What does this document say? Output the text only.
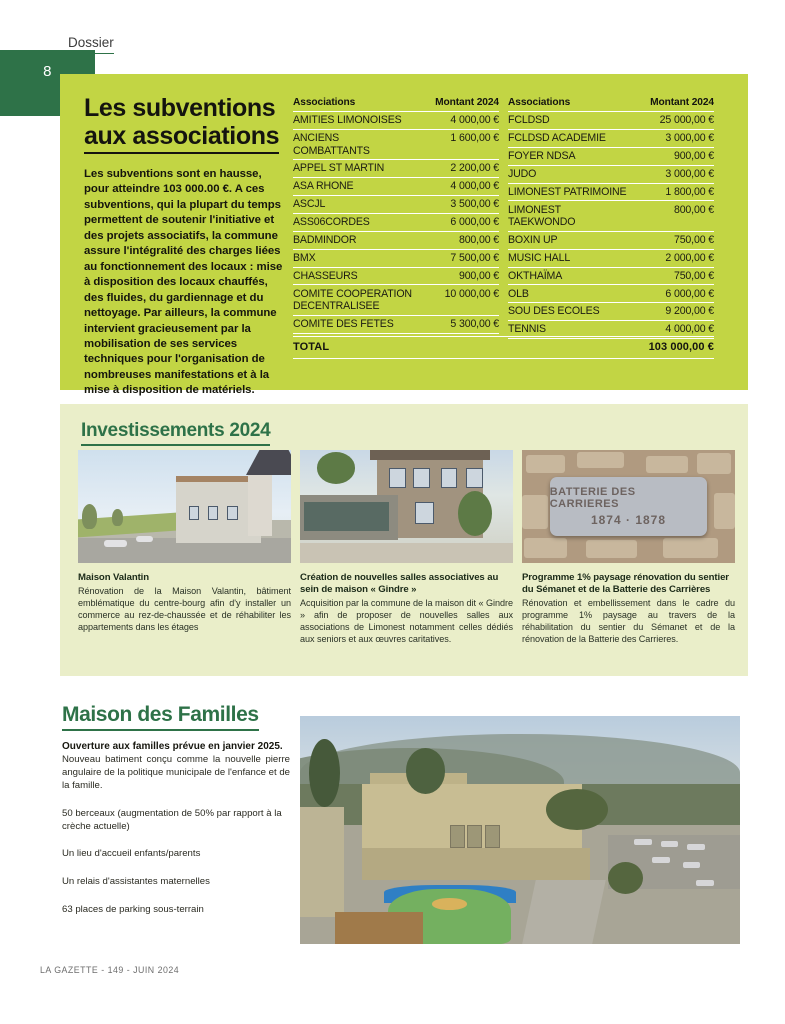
8
Dossier
Les subventions
aux associations
Les subventions sont en hausse, pour atteindre 103 000.00 €. A ces subventions, qui la plupart du temps permettent de soutenir l'initiative et des projets associatifs, la commune assure l'intégralité des charges liées au fonctionnement des locaux : mise à disposition des locaux chauffés, des fluides, du gardiennage et du nettoyage. Par ailleurs, la commune intervient gracieusement par la mobilisation de ses services techniques pour l'organisation de nombreuses manifestations et à la mise à disposition de matériels.
Associations	Montant 2024
AMITIES LIMONOISES	4 000,00 €
ANCIENS COMBATTANTS	1 600,00 €
APPEL ST MARTIN	2 200,00 €
ASA RHONE	4 000,00 €
ASCJL	3 500,00 €
ASS06CORDES	6 000,00 €
BADMINDOR	800,00 €
BMX	7 500,00 €
CHASSEURS	900,00 €
COMITE COOPERATION DECENTRALISEE	10 000,00 €
COMITE DES FETES	5 300,00 €
Associations	Montant 2024
FCLDSD	25 000,00 €
FCLDSD ACADEMIE	3 000,00 €
FOYER NDSA	900,00 €
JUDO	3 000,00 €
LIMONEST PATRIMOINE	1 800,00 €
LIMONEST TAEKWONDO	800,00 €
BOXIN UP	750,00 €
MUSIC HALL	2 000,00 €
OKTHAÏMA	750,00 €
OLB	6 000,00 €
SOU DES ECOLES	9 200,00 €
TENNIS	4 000,00 €
TOTAL	103 000,00 €
Investissements 2024
Maison Valantin
Rénovation de la Maison Valantin, bâtiment emblématique du centre-bourg afin d'y installer un commerce au rez-de-chaussée et de réhabiliter les appartements dans les étages
Création de nouvelles salles associatives au sein de maison « Gindre »
Acquisition par la commune de la maison dit « Gindre » afin de proposer de nouvelles salles aux associations de Limonest notamment celles dédiés aux seniors et aux œuvres caritatives.
BATTERIE DES CARRIERES
1874 · 1878
Programme 1% paysage rénovation du sentier du Sémanet et de la Batterie des Carrières
Rénovation et embellissement dans le cadre du programme 1% paysage au travers de la réhabilitation du sentier du Sémanet et de la rénovation de la Batterie des Carrieres.
Maison des Familles
Ouverture aux familles prévue en janvier 2025.
Nouveau batiment conçu comme la nouvelle pierre angulaire de la politique municipale de l'enfance et de la famille.
50 berceaux (augmentation de 50% par rapport à la crèche actuelle)
Un lieu d'accueil enfants/parents
Un relais d'assistantes maternelles
63 places de parking sous-terrain
LA GAZETTE - 149 - JUIN 2024
